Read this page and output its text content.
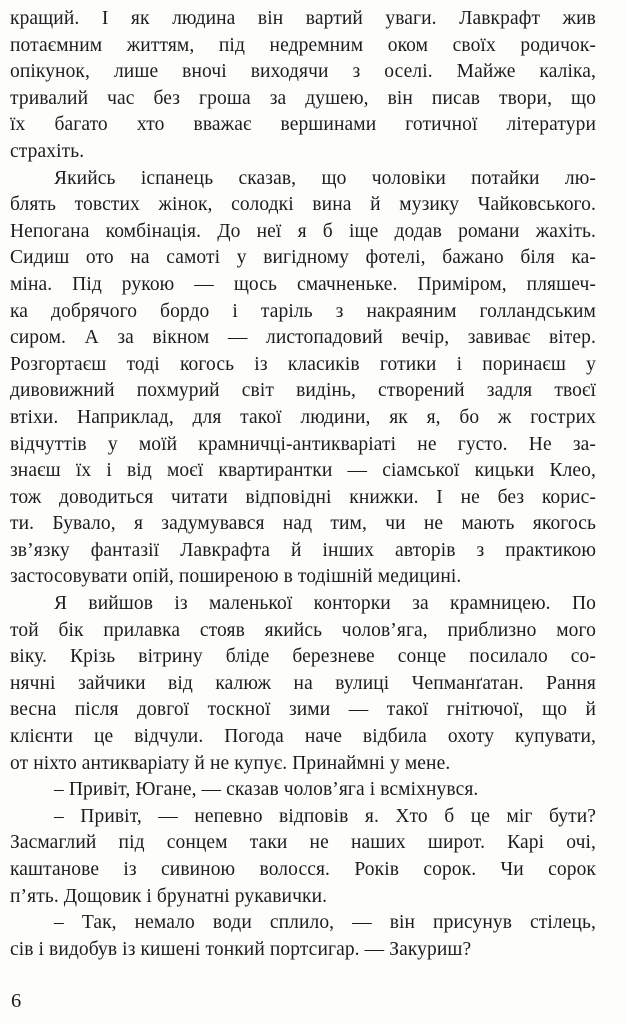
кращий. І як людина він вартий уваги. Лавкрафт жив
потаємним життям, під недремним оком своїх родичок-
опікунок, лише вночі виходячи з оселі. Майже каліка,
тривалий час без гроша за душею, він писав твори, що
їх багато хто вважає вершинами готичної літератури
страхіть.
Якийсь іспанець сказав, що чоловіки потайки лю-
блять товстих жінок, солодкі вина й музику Чайковського.
Непогана комбінація. До неї я б іще додав романи жахіть.
Сидиш ото на самоті у вигідному фотелі, бажано біля ка-
міна. Під рукою — щось смачненьке. Приміром, пляшеч-
ка добрячого бордо і таріль з накраяним голландським
сиром. А за вікном — листопадовий вечір, завиває вітер.
Розгортаєш тоді когось із класиків готики і поринаєш у
дивовижний похмурий світ видінь, створений задля твоєї
втіхи. Наприклад, для такої людини, як я, бо ж гострих
відчуттів у моїй крамничці-антикваріаті не густо. Не за-
знаєш їх і від моєї квартирантки — сіамської кицьки Клео,
тож доводиться читати відповідні книжки. І не без корис-
ти. Бувало, я задумувався над тим, чи не мають якогось
зв’язку фантазії Лавкрафта й інших авторів з практикою
застосовувати опій, поширеною в тодішній медицині.
Я вийшов із маленької конторки за крамницею. По
той бік прилавка стояв якийсь чолов’яга, приблизно мого
віку. Крізь вітрину бліде березневе сонце посилало со-
нячні зайчики від калюж на вулиці Чепманґатан. Рання
весна після довгої тоскної зими — такої гнітючої, що й
клієнти це відчули. Погода наче відбила охоту купувати,
от ніхто антикваріату й не купує. Принаймні у мене.
– Привіт, Югане, — сказав чолов’яга і всміхнувся.
– Привіт, — непевно відповів я. Хто б це міг бути?
Засмаглий під сонцем таки не наших широт. Карі очі,
каштанове із сивиною волосся. Років сорок. Чи сорок
п’ять. Дощовик і брунатні рукавички.
– Так, немало води сплило, — він присунув стілець,
сів і видобув із кишені тонкий портсигар. — Закуриш?
6
